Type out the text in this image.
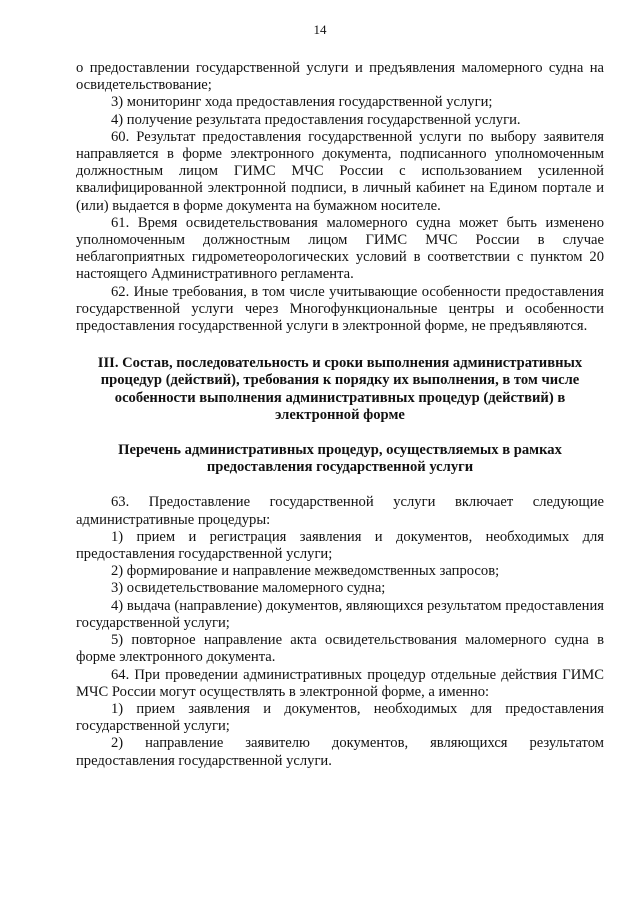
14

о предоставлении государственной услуги и предъявления маломерного судна на освидетельствование;

3) мониторинг хода предоставления государственной услуги;

4) получение результата предоставления государственной услуги.

60. Результат предоставления государственной услуги по выбору заявителя направляется в форме электронного документа, подписанного уполномоченным должностным лицом ГИМС МЧС России с использованием усиленной квалифицированной электронной подписи, в личный кабинет на Едином портале и (или) выдается в форме документа на бумажном носителе.

61. Время освидетельствования маломерного судна может быть изменено уполномоченным должностным лицом ГИМС МЧС России в случае неблагоприятных гидрометеорологических условий в соответствии с пунктом 20 настоящего Административного регламента.

62. Иные требования, в том числе учитывающие особенности предоставления государственной услуги через Многофункциональные центры и особенности предоставления государственной услуги в электронной форме, не предъявляются.

III. Состав, последовательность и сроки выполнения административных процедур (действий), требования к порядку их выполнения, в том числе особенности выполнения административных процедур (действий) в электронной форме
Перечень административных процедур, осуществляемых в рамках предоставления государственной услуги

63. Предоставление государственной услуги включает следующие административные процедуры:

1) прием и регистрация заявления и документов, необходимых для предоставления государственной услуги;

2) формирование и направление межведомственных запросов;

3) освидетельствование маломерного судна;

4) выдача (направление) документов, являющихся результатом предоставления государственной услуги;

5) повторное направление акта освидетельствования маломерного судна в форме электронного документа.

64. При проведении административных процедур отдельные действия ГИМС МЧС России могут осуществлять в электронной форме, а именно:

1) прием заявления и документов, необходимых для предоставления государственной услуги;

2) направление заявителю документов, являющихся результатом предоставления государственной услуги.
